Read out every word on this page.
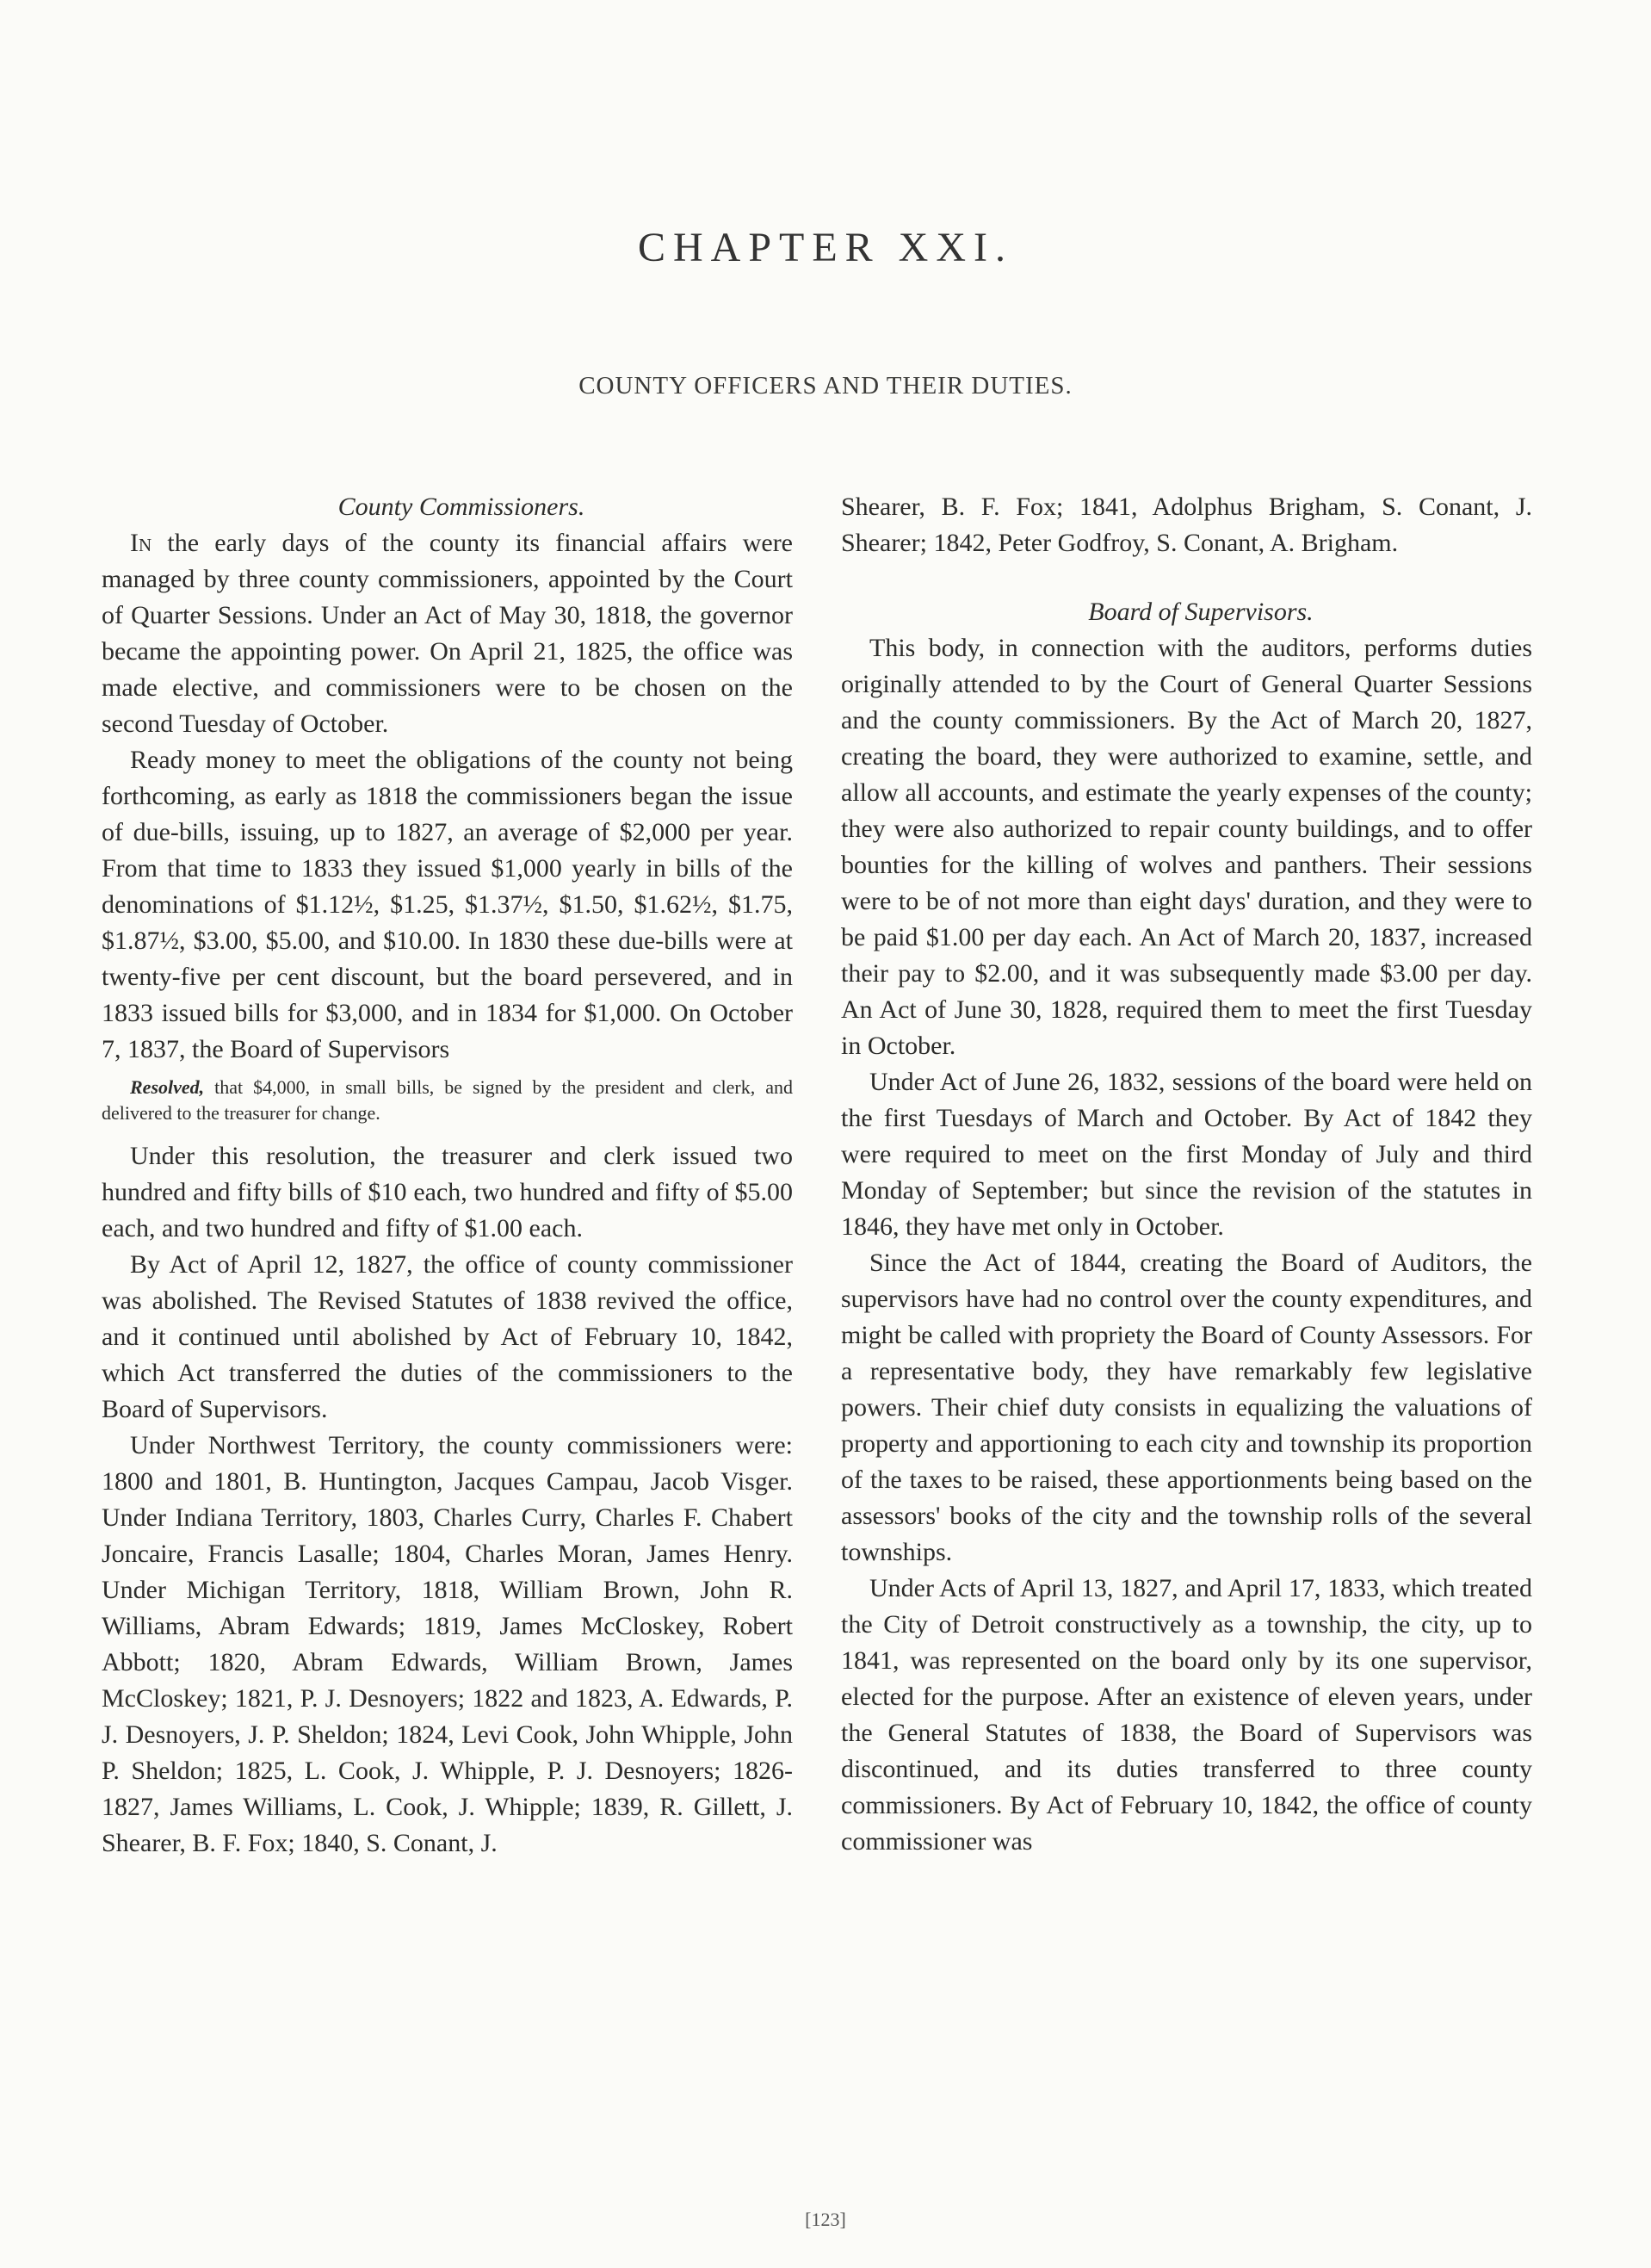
CHAPTER XXI.
COUNTY OFFICERS AND THEIR DUTIES.

County Commissioners.

In the early days of the county its financial affairs were managed by three county commissioners, appointed by the Court of Quarter Sessions. Under an Act of May 30, 1818, the governor became the appointing power. On April 21, 1825, the office was made elective, and commissioners were to be chosen on the second Tuesday of October.

Ready money to meet the obligations of the county not being forthcoming, as early as 1818 the commissioners began the issue of due-bills, issuing, up to 1827, an average of $2,000 per year. From that time to 1833 they issued $1,000 yearly in bills of the denominations of $1.12½, $1.25, $1.37½, $1.50, $1.62½, $1.75, $1.87½, $3.00, $5.00, and $10.00. In 1830 these due-bills were at twenty-five per cent discount, but the board persevered, and in 1833 issued bills for $3,000, and in 1834 for $1,000. On October 7, 1837, the Board of Supervisors

Resolved, that $4,000, in small bills, be signed by the president and clerk, and delivered to the treasurer for change.

Under this resolution, the treasurer and clerk issued two hundred and fifty bills of $10 each, two hundred and fifty of $5.00 each, and two hundred and fifty of $1.00 each.

By Act of April 12, 1827, the office of county commissioner was abolished. The Revised Statutes of 1838 revived the office, and it continued until abolished by Act of February 10, 1842, which Act transferred the duties of the commissioners to the Board of Supervisors.

Under Northwest Territory, the county commissioners were: 1800 and 1801, B. Huntington, Jacques Campau, Jacob Visger. Under Indiana Territory, 1803, Charles Curry, Charles F. Chabert Joncaire, Francis Lasalle; 1804, Charles Moran, James Henry. Under Michigan Territory, 1818, William Brown, John R. Williams, Abram Edwards; 1819, James McCloskey, Robert Abbott; 1820, Abram Edwards, William Brown, James McCloskey; 1821, P. J. Desnoyers; 1822 and 1823, A. Edwards, P. J. Desnoyers, J. P. Sheldon; 1824, Levi Cook, John Whipple, John P. Sheldon; 1825, L. Cook, J. Whipple, P. J. Desnoyers; 1826-1827, James Williams, L. Cook, J. Whipple; 1839, R. Gillett, J. Shearer, B. F. Fox; 1840, S. Conant, J.

Shearer, B. F. Fox; 1841, Adolphus Brigham, S. Conant, J. Shearer; 1842, Peter Godfroy, S. Conant, A. Brigham.

Board of Supervisors.

This body, in connection with the auditors, performs duties originally attended to by the Court of General Quarter Sessions and the county commissioners. By the Act of March 20, 1827, creating the board, they were authorized to examine, settle, and allow all accounts, and estimate the yearly expenses of the county; they were also authorized to repair county buildings, and to offer bounties for the killing of wolves and panthers. Their sessions were to be of not more than eight days' duration, and they were to be paid $1.00 per day each. An Act of March 20, 1837, increased their pay to $2.00, and it was subsequently made $3.00 per day. An Act of June 30, 1828, required them to meet the first Tuesday in October.

Under Act of June 26, 1832, sessions of the board were held on the first Tuesdays of March and October. By Act of 1842 they were required to meet on the first Monday of July and third Monday of September; but since the revision of the statutes in 1846, they have met only in October.

Since the Act of 1844, creating the Board of Auditors, the supervisors have had no control over the county expenditures, and might be called with propriety the Board of County Assessors. For a representative body, they have remarkably few legislative powers. Their chief duty consists in equalizing the valuations of property and apportioning to each city and township its proportion of the taxes to be raised, these apportionments being based on the assessors' books of the city and the township rolls of the several townships.

Under Acts of April 13, 1827, and April 17, 1833, which treated the City of Detroit constructively as a township, the city, up to 1841, was represented on the board only by its one supervisor, elected for the purpose. After an existence of eleven years, under the General Statutes of 1838, the Board of Supervisors was discontinued, and its duties transferred to three county commissioners. By Act of February 10, 1842, the office of county commissioner was

[123]
